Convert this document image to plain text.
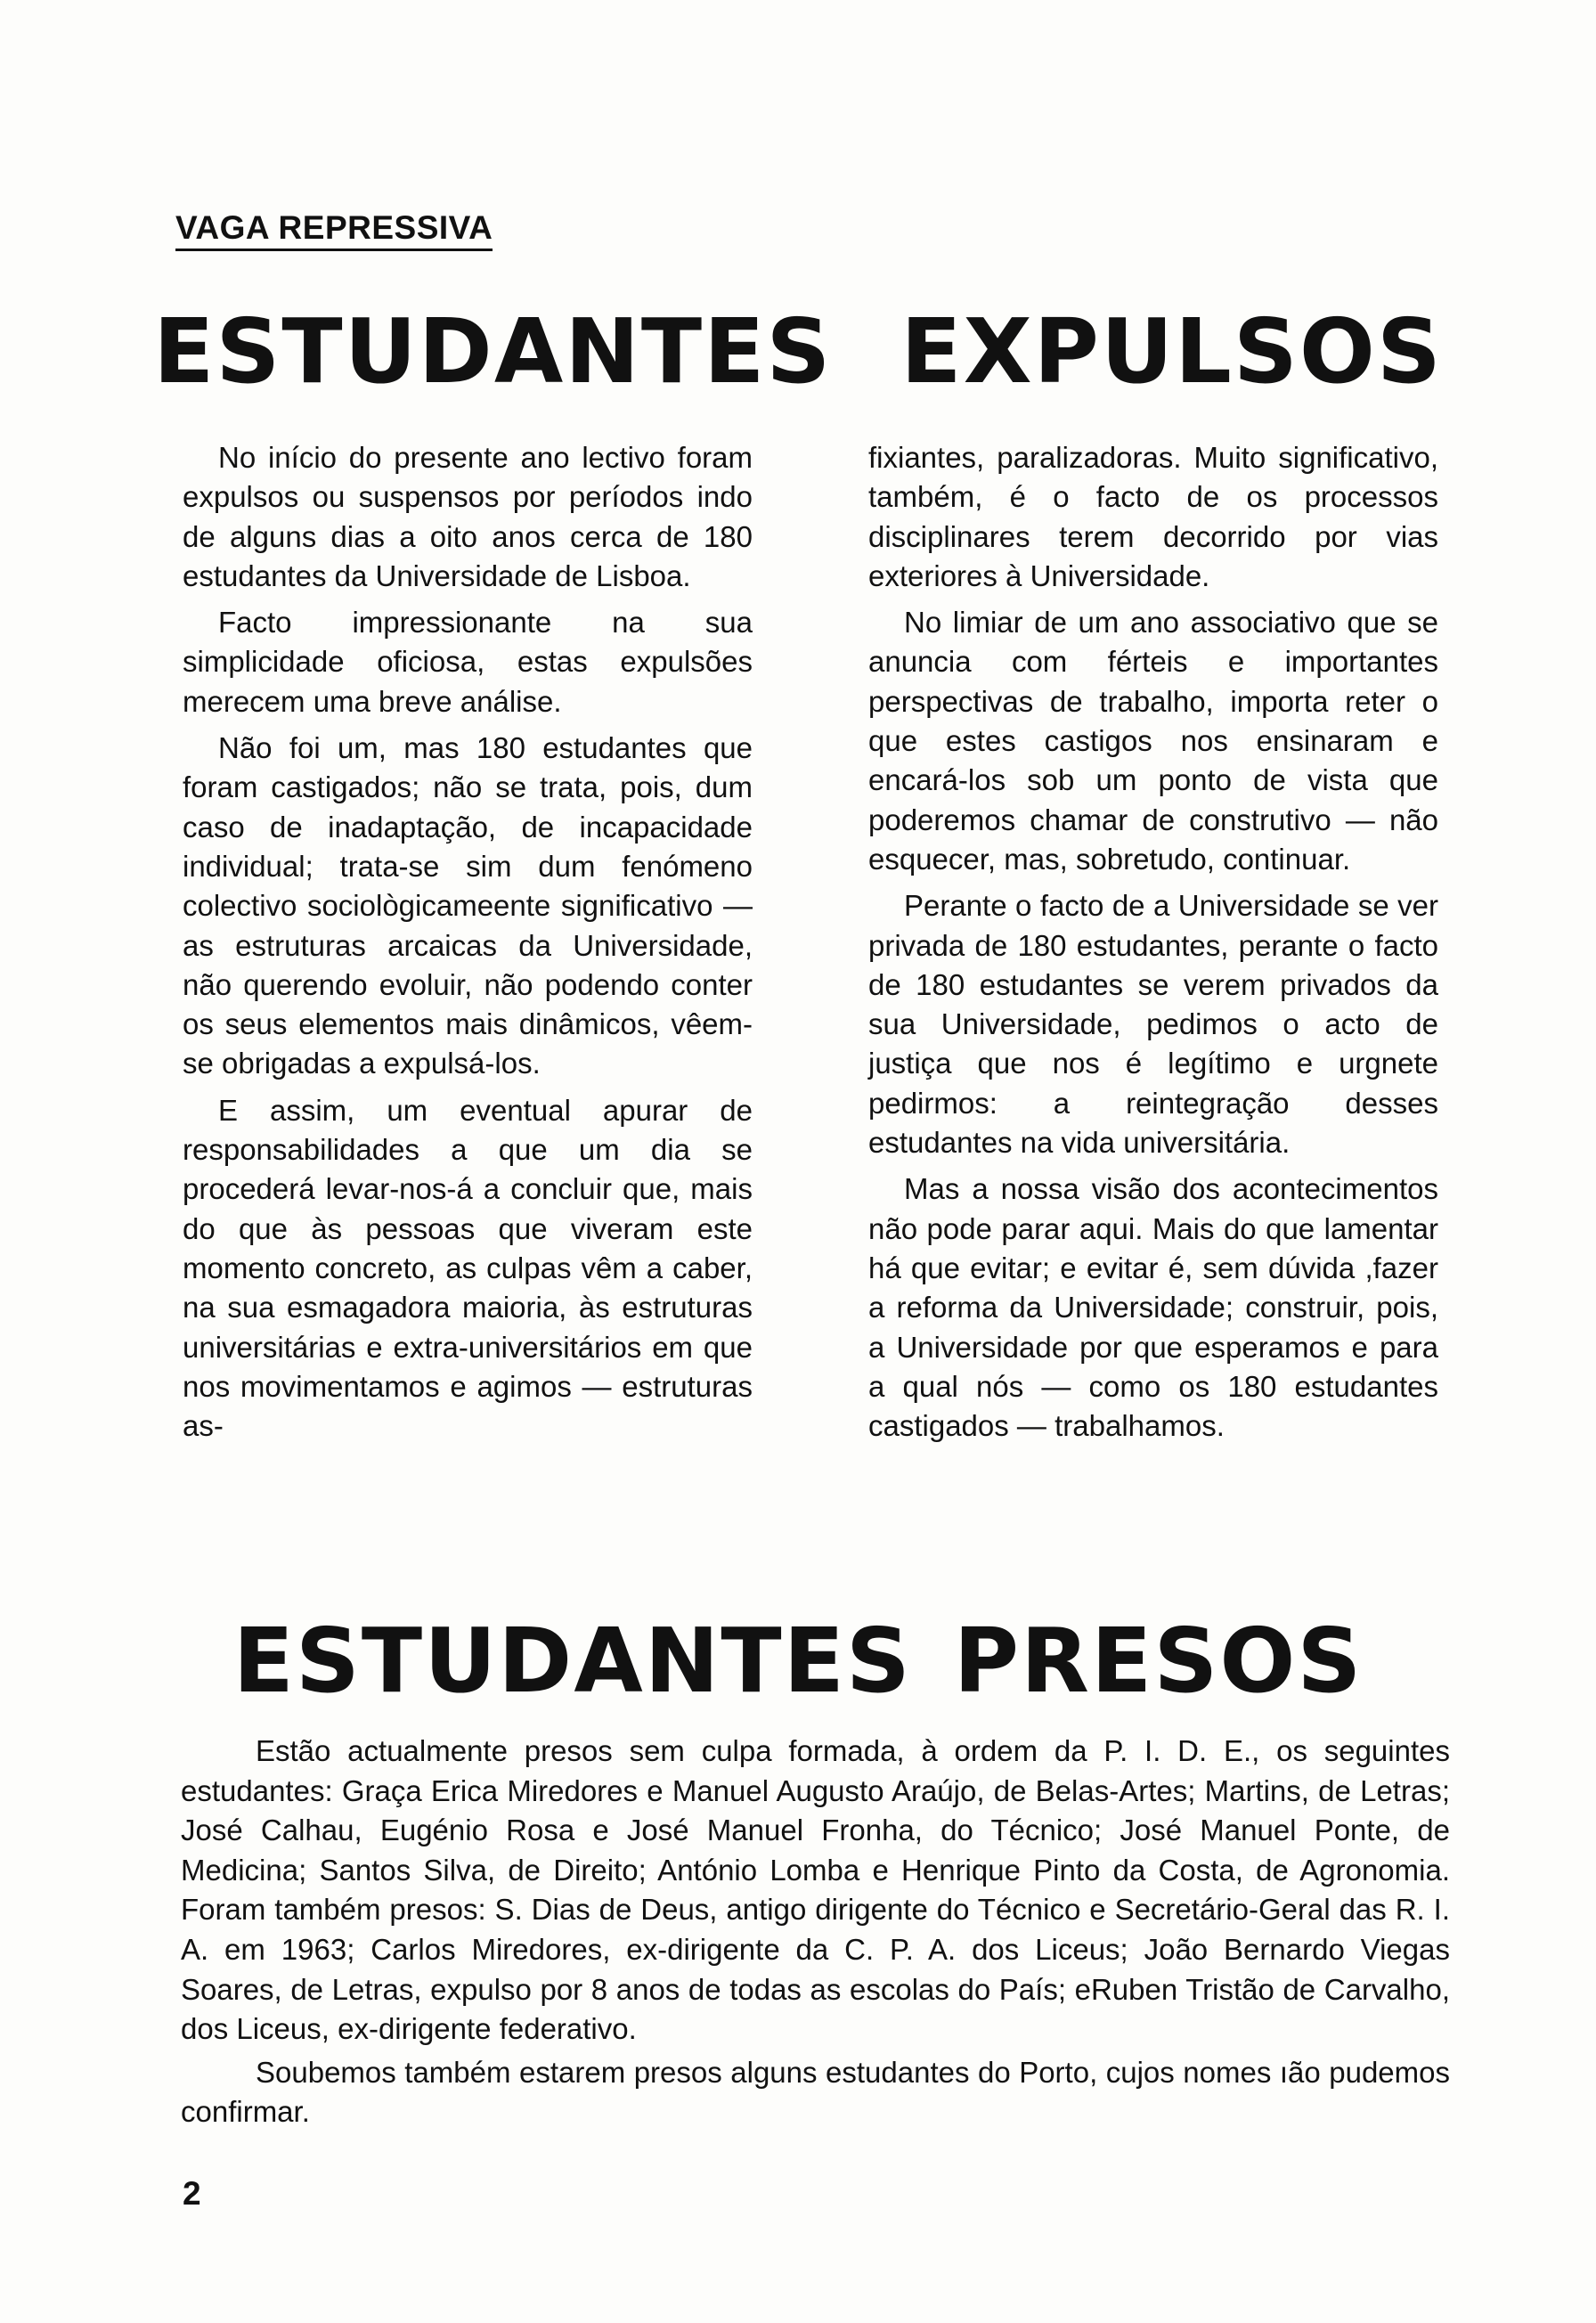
VAGA REPRESSIVA
ESTUDANTES EXPULSOS

No início do presente ano lectivo foram expulsos ou suspensos por períodos indo de alguns dias a oito anos cerca de 180 estudantes da Universidade de Lisboa.

Facto impressionante na sua simplicidade oficiosa, estas expulsões merecem uma breve análise.

Não foi um, mas 180 estudantes que foram castigados; não se trata, pois, dum caso de inadaptação, de incapacidade individual; trata-se sim dum fenómeno colectivo sociològicameente significativo — as estruturas arcaicas da Universidade, não querendo evoluir, não podendo conter os seus elementos mais dinâmicos, vêem-se obrigadas a expulsá-los.

E assim, um eventual apurar de responsabilidades a que um dia se procederá levar-nos-á a concluir que, mais do que às pessoas que viveram este momento concreto, as culpas vêm a caber, na sua esmagadora maioria, às estruturas universitárias e extra-universitários em que nos movimentamos e agimos — estruturas as-

fixiantes, paralizadoras. Muito significativo, também, é o facto de os processos disciplinares terem decorrido por vias exteriores à Universidade.

No limiar de um ano associativo que se anuncia com férteis e importantes perspectivas de trabalho, importa reter o que estes castigos nos ensinaram e encará-los sob um ponto de vista que poderemos chamar de construtivo — não esquecer, mas, sobretudo, continuar.

Perante o facto de a Universidade se ver privada de 180 estudantes, perante o facto de 180 estudantes se verem privados da sua Universidade, pedimos o acto de justiça que nos é legítimo e urgnete pedirmos: a reintegração desses estudantes na vida universitária.

Mas a nossa visão dos acontecimentos não pode parar aqui. Mais do que lamentar há que evitar; e evitar é, sem dúvida ,fazer a reforma da Universidade; construir, pois, a Universidade por que esperamos e para a qual nós — como os 180 estudantes castigados — trabalhamos.

ESTUDANTES PRESOS

Estão actualmente presos sem culpa formada, à ordem da P. I. D. E., os seguintes estudantes: Graça Erica Miredores e Manuel Augusto Araújo, de Belas-Artes; Martins, de Letras; José Calhau, Eugénio Rosa e José Manuel Fronha, do Técnico; José Manuel Ponte, de Medicina; Santos Silva, de Direito; António Lomba e Henrique Pinto da Costa, de Agronomia. Foram também presos: S. Dias de Deus, antigo dirigente do Técnico e Secretário-Geral das R. I. A. em 1963; Carlos Miredores, ex-dirigente da C. P. A. dos Liceus; João Bernardo Viegas Soares, de Letras, expulso por 8 anos de todas as escolas do País; eRuben Tristão de Carvalho, dos Liceus, ex-dirigente federativo.

Soubemos também estarem presos alguns estudantes do Porto, cujos nomes ıão pudemos confirmar.

2
